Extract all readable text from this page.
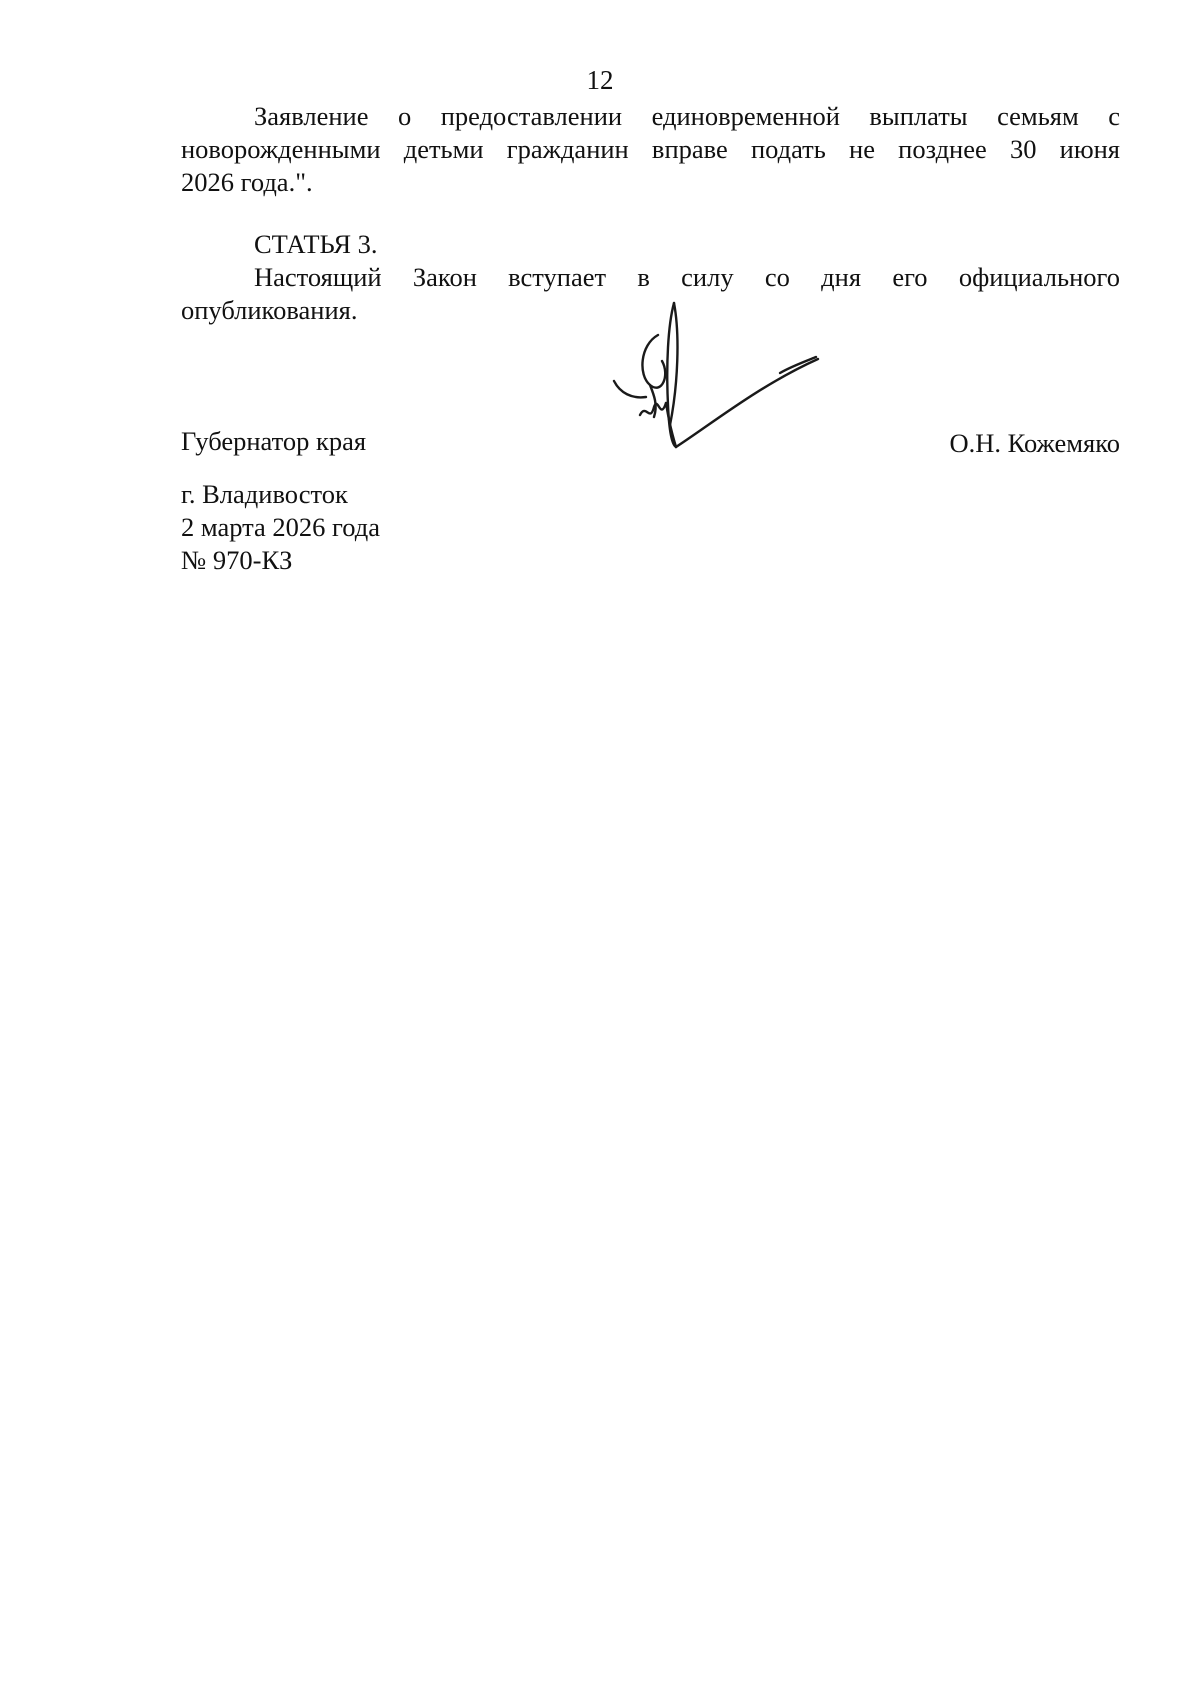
12
Заявление о предоставлении единовременной выплаты семьям с
новорожденными детьми гражданин вправе подать не позднее 30 июня
2026 года.".
СТАТЬЯ 3.
Настоящий Закон вступает в силу со дня его официального
опубликования.
Губернатор края	О.Н. Кожемяко
г. Владивосток
2 марта 2026 года
№ 970-КЗ
